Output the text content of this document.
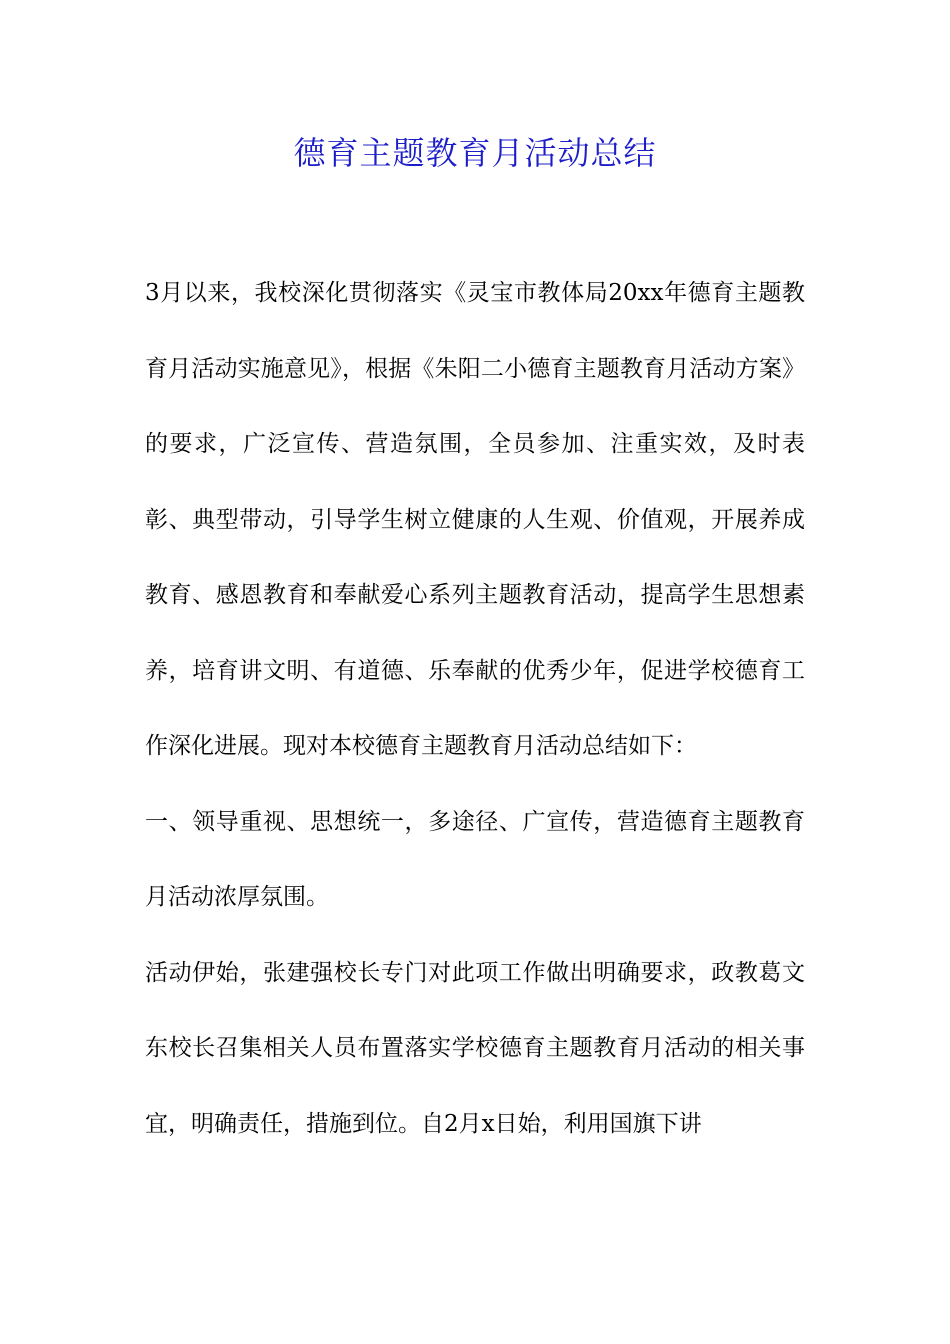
德育主题教育月活动总结

3月以来，我校深化贯彻落实《灵宝市教体局20xx年德育主题教育月活动实施意见》，根据《朱阳二小德育主题教育月活动方案》的要求，广泛宣传、营造氛围，全员参加、注重实效，及时表彰、典型带动，引导学生树立健康的人生观、价值观，开展养成教育、感恩教育和奉献爱心系列主题教育活动，提高学生思想素养，培育讲文明、有道德、乐奉献的优秀少年，促进学校德育工作深化进展。现对本校德育主题教育月活动总结如下：

一、领导重视、思想统一，多途径、广宣传，营造德育主题教育月活动浓厚氛围。

活动伊始，张建强校长专门对此项工作做出明确要求，政教葛文东校长召集相关人员布置落实学校德育主题教育月活动的相关事宜，明确责任，措施到位。自2月x日始，利用国旗下讲
